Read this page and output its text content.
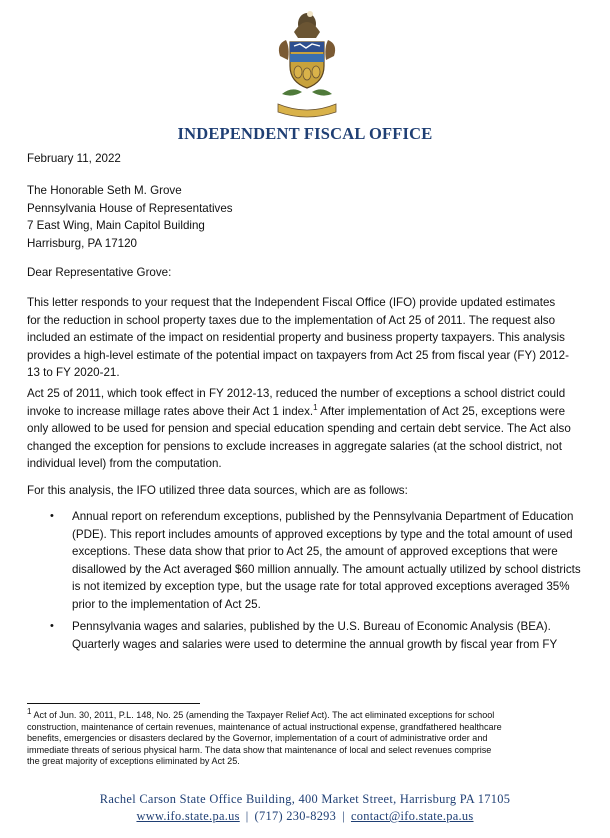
INDEPENDENT FISCAL OFFICE
February 11, 2022
The Honorable Seth M. Grove
Pennsylvania House of Representatives
7 East Wing, Main Capitol Building
Harrisburg, PA 17120
Dear Representative Grove:
This letter responds to your request that the Independent Fiscal Office (IFO) provide updated estimates
for the reduction in school property taxes due to the implementation of Act 25 of 2011. The request also
included an estimate of the impact on residential property and business property taxpayers. This analysis
provides a high-level estimate of the potential impact on taxpayers from Act 25 from fiscal year (FY) 2012-
13 to FY 2020-21.
Act 25 of 2011, which took effect in FY 2012-13, reduced the number of exceptions a school district could
invoke to increase millage rates above their Act 1 index.$^1$ After implementation of Act 25, exceptions were
only allowed to be used for pension and special education spending and certain debt service. The Act also
changed the exception for pensions to exclude increases in aggregate salaries (at the school district, not
individual level) from the computation.
For this analysis, the IFO utilized three data sources, which are as follows:
• Annual report on referendum exceptions, published by the Pennsylvania Department of Education
(PDE). This report includes amounts of approved exceptions by type and the total amount of used
exceptions. These data show that prior to Act 25, the amount of approved exceptions that were
disallowed by the Act averaged $60 million annually. The amount actually utilized by school districts
is not itemized by exception type, but the usage rate for total approved exceptions averaged 35%
prior to the implementation of Act 25.
• Pennsylvania wages and salaries, published by the U.S. Bureau of Economic Analysis (BEA).
Quarterly wages and salaries were used to determine the annual growth by fiscal year from FY
$^1$ Act of Jun. 30, 2011, P.L. 148, No. 25 (amending the Taxpayer Relief Act). The act eliminated exceptions for school
construction, maintenance of certain revenues, maintenance of actual instructional expense, grandfathered healthcare
benefits, emergencies or disasters declared by the Governor, implementation of a court of administrative order and
immediate threats of serious physical harm. The data show that maintenance of local and select revenues comprise
the great majority of exceptions eliminated by Act 25.
Rachel Carson State Office Building, 400 Market Street, Harrisburg PA 17105
www.ifo.state.pa.us | (717) 230-8293 | contact@ifo.state.pa.us
